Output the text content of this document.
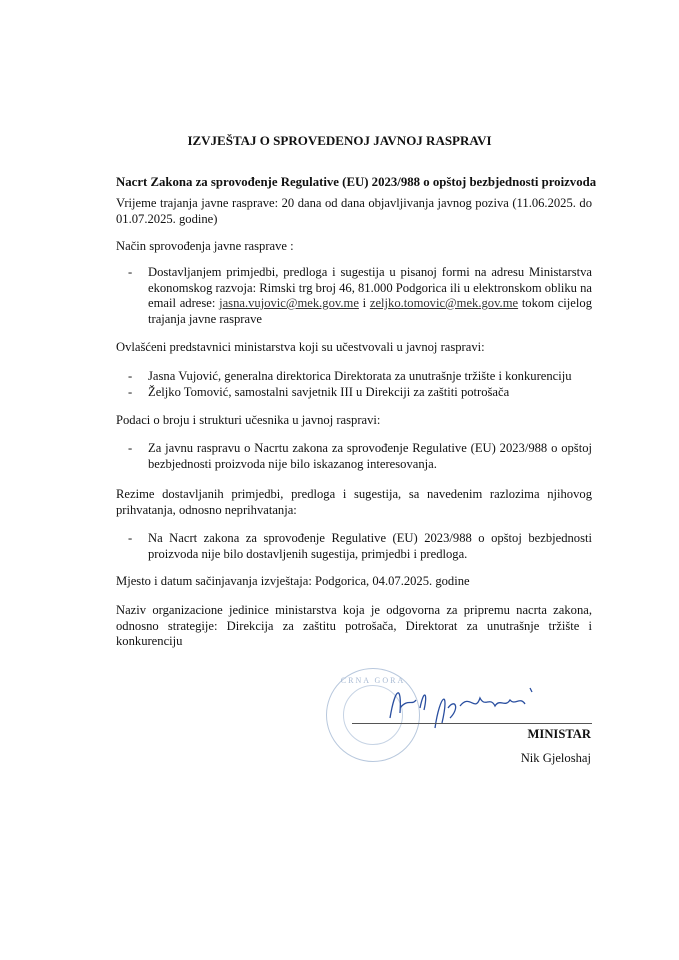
IZVJEŠTAJ O SPROVEDENOJ JAVNOJ RASPRAVI
Nacrt Zakona za sprovođenje Regulative (EU) 2023/988 o opštoj bezbjednosti proizvoda
Vrijeme trajanja javne rasprave: 20 dana od dana objavljivanja javnog poziva (11.06.2025. do 01.07.2025. godine)
Način sprovođenja javne rasprave :
- Dostavljanjem primjedbi, predloga i sugestija u pisanoj formi na adresu Ministarstva ekonomskog razvoja: Rimski trg broj 46, 81.000 Podgorica ili u elektronskom obliku na email adrese: jasna.vujovic@mek.gov.me i zeljko.tomovic@mek.gov.me tokom cijelog trajanja javne rasprave
Ovlašćeni predstavnici ministarstva koji su učestvovali u javnoj raspravi:
- Jasna Vujović, generalna direktorica Direktorata za unutrašnje tržište i konkurenciju
- Željko Tomović, samostalni savjetnik III u Direkciji za zaštiti potrošača
Podaci o broju i strukturi učesnika u javnoj raspravi:
- Za javnu raspravu o Nacrtu zakona za sprovođenje Regulative (EU) 2023/988 o opštoj bezbjednosti proizvoda nije bilo iskazanog interesovanja.
Rezime dostavljanih primjedbi, predloga i sugestija, sa navedenim razlozima njihovog prihvatanja, odnosno neprihvatanja:
- Na Nacrt zakona za sprovođenje Regulative (EU) 2023/988 o opštoj bezbjednosti proizvoda nije bilo dostavljenih sugestija, primjedbi i predloga.
Mjesto i datum sačinjavanja izvještaja: Podgorica, 04.07.2025. godine
Naziv organizacione jedinice ministarstva koja je odgovorna za pripremu nacrta zakona, odnosno strategije: Direkcija za zaštitu potrošača, Direktorat za unutrašnje tržište i konkurenciju
CRNA GORA
MINISTAR
Nik Gjeloshaj
